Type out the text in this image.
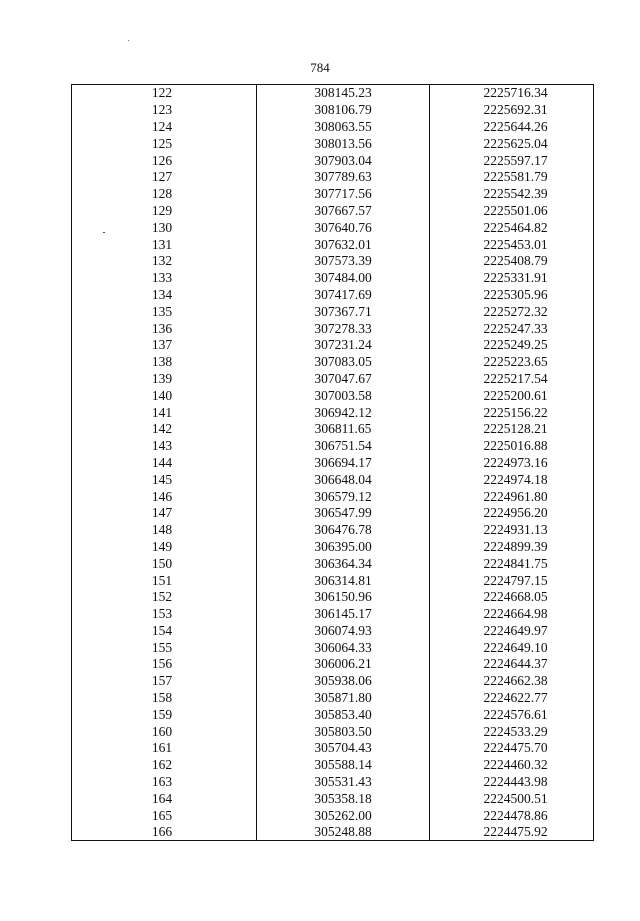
784
122	308145.23	2225716.34
123	308106.79	2225692.31
124	308063.55	2225644.26
125	308013.56	2225625.04
126	307903.04	2225597.17
127	307789.63	2225581.79
128	307717.56	2225542.39
129	307667.57	2225501.06
130	307640.76	2225464.82
131	307632.01	2225453.01
132	307573.39	2225408.79
133	307484.00	2225331.91
134	307417.69	2225305.96
135	307367.71	2225272.32
136	307278.33	2225247.33
137	307231.24	2225249.25
138	307083.05	2225223.65
139	307047.67	2225217.54
140	307003.58	2225200.61
141	306942.12	2225156.22
142	306811.65	2225128.21
143	306751.54	2225016.88
144	306694.17	2224973.16
145	306648.04	2224974.18
146	306579.12	2224961.80
147	306547.99	2224956.20
148	306476.78	2224931.13
149	306395.00	2224899.39
150	306364.34	2224841.75
151	306314.81	2224797.15
152	306150.96	2224668.05
153	306145.17	2224664.98
154	306074.93	2224649.97
155	306064.33	2224649.10
156	306006.21	2224644.37
157	305938.06	2224662.38
158	305871.80	2224622.77
159	305853.40	2224576.61
160	305803.50	2224533.29
161	305704.43	2224475.70
162	305588.14	2224460.32
163	305531.43	2224443.98
164	305358.18	2224500.51
165	305262.00	2224478.86
166	305248.88	2224475.92
